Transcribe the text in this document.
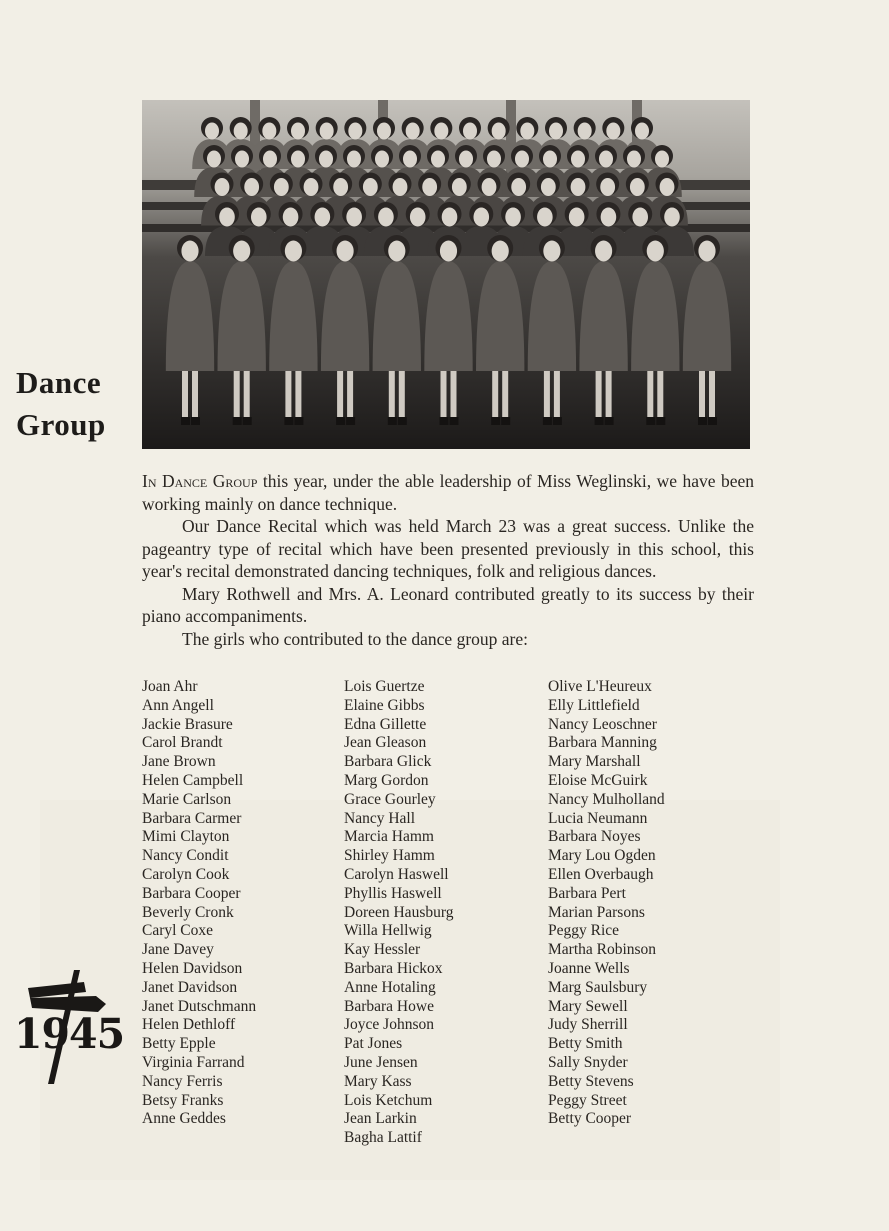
Dance
Group

In Dance Group this year, under the able leadership of Miss Weglinski, we have been working mainly on dance technique.

Our Dance Recital which was held March 23 was a great success. Unlike the pageantry type of recital which have been presented previously in this school, this year's recital demonstrated dancing techniques, folk and religious dances.

Mary Rothwell and Mrs. A. Leonard contributed greatly to its success by their piano accompaniments.

The girls who contributed to the dance group are:

Joan Ahr
Ann Angell
Jackie Brasure
Carol Brandt
Jane Brown
Helen Campbell
Marie Carlson
Barbara Carmer
Mimi Clayton
Nancy Condit
Carolyn Cook
Barbara Cooper
Beverly Cronk
Caryl Coxe
Jane Davey
Helen Davidson
Janet Davidson
Janet Dutschmann
Helen Dethloff
Betty Epple
Virginia Farrand
Nancy Ferris
Betsy Franks
Anne Geddes
Lois Guertze
Elaine Gibbs
Edna Gillette
Jean Gleason
Barbara Glick
Marg Gordon
Grace Gourley
Nancy Hall
Marcia Hamm
Shirley Hamm
Carolyn Haswell
Phyllis Haswell
Doreen Hausburg
Willa Hellwig
Kay Hessler
Barbara Hickox
Anne Hotaling
Barbara Howe
Joyce Johnson
Pat Jones
June Jensen
Mary Kass
Lois Ketchum
Jean Larkin
Bagha Lattif
Olive L'Heureux
Elly Littlefield
Nancy Leoschner
Barbara Manning
Mary Marshall
Eloise McGuirk
Nancy Mulholland
Lucia Neumann
Barbara Noyes
Mary Lou Ogden
Ellen Overbaugh
Barbara Pert
Marian Parsons
Peggy Rice
Martha Robinson
Joanne Wells
Marg Saulsbury
Mary Sewell
Judy Sherrill
Betty Smith
Sally Snyder
Betty Stevens
Peggy Street
Betty Cooper
1945
